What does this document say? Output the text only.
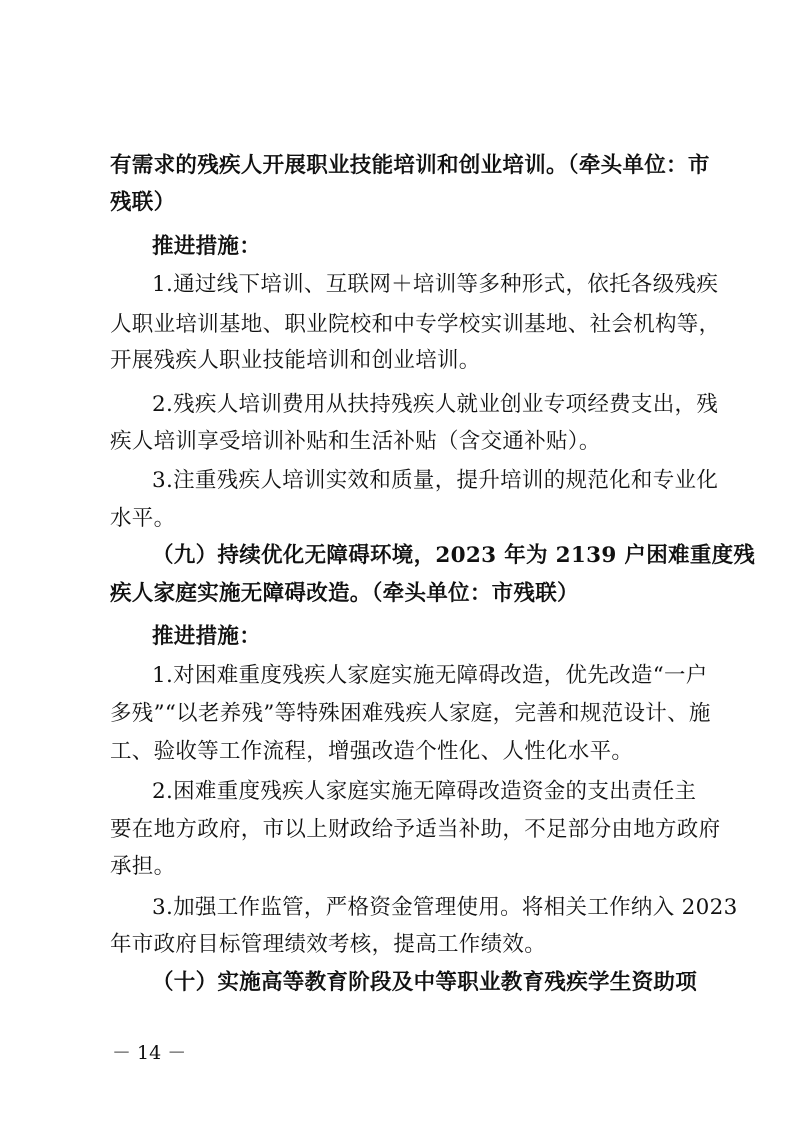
有需求的残疾人开展职业技能培训和创业培训。（牵头单位：市
残联）
推进措施：
1.通过线下培训、互联网＋培训等多种形式，依托各级残疾
人职业培训基地、职业院校和中专学校实训基地、社会机构等，
开展残疾人职业技能培训和创业培训。
2.残疾人培训费用从扶持残疾人就业创业专项经费支出，残
疾人培训享受培训补贴和生活补贴（含交通补贴）。
3.注重残疾人培训实效和质量，提升培训的规范化和专业化
水平。
（九）持续优化无障碍环境，2023 年为 2139 户困难重度残
疾人家庭实施无障碍改造。（牵头单位：市残联）
推进措施：
1.对困难重度残疾人家庭实施无障碍改造，优先改造“一户
多残”“以老养残”等特殊困难残疾人家庭，完善和规范设计、施
工、验收等工作流程，增强改造个性化、人性化水平。
2.困难重度残疾人家庭实施无障碍改造资金的支出责任主
要在地方政府，市以上财政给予适当补助，不足部分由地方政府
承担。
3.加强工作监管，严格资金管理使用。将相关工作纳入 2023
年市政府目标管理绩效考核，提高工作绩效。
（十）实施高等教育阶段及中等职业教育残疾学生资助项
－ 14 －
